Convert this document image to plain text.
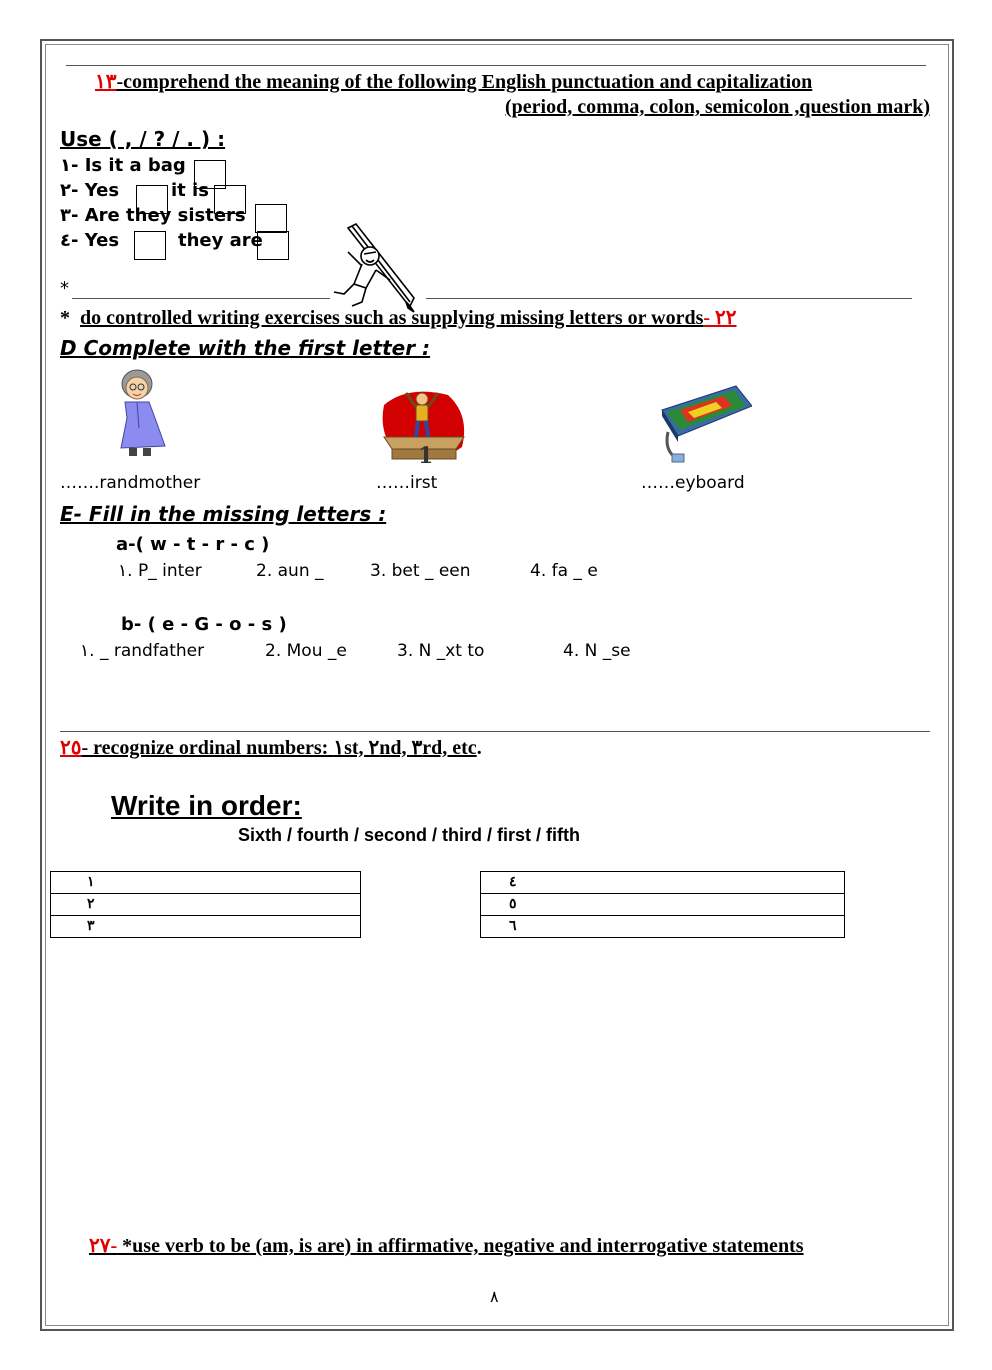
١٣-comprehend the meaning of the following English punctuation and capitalization
(period, comma, colon, semicolon ,question mark)
Use ( , / ? / . ) :
١- Is it a bag
٢- Yes	it is
٣- Are they sisters
٤- Yes	they are
*
* do controlled writing exercises such as supplying missing letters or words- ٢٢
D Complete with the first letter :
1
…….randmother	……irst	……eyboard
E- Fill in the missing letters :
a-( w - t - r - c )
١. P_ inter	2. aun _	3. bet _ een	4. fa _ e
b- ( e - G - o - s )
١. _ randfather	2. Mou _e	3. N _xt to	4. N _se
٢٥- recognize ordinal numbers: ١st, ٢nd, ٣rd, etc.
Write in order:
Sixth / fourth / second / third / first / fifth
١
٢
٣
٤
٥
٦
٢٧- *use verb to be (am, is are) in affirmative, negative and interrogative statements
٨
